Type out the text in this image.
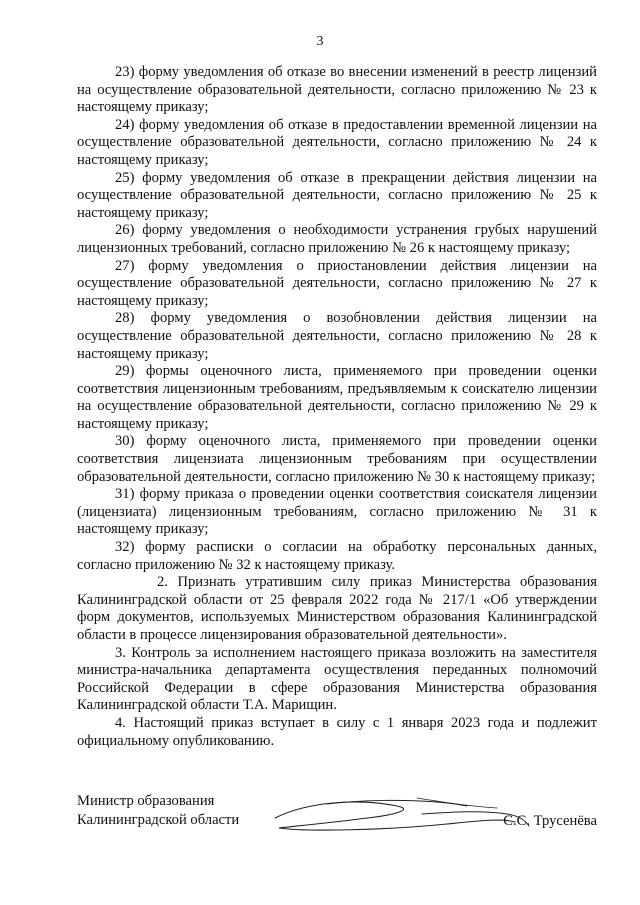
3

23) форму уведомления об отказе во внесении изменений в реестр лицензий на осуществление образовательной деятельности, согласно приложению № 23 к настоящему приказу;

24) форму уведомления об отказе в предоставлении временной лицензии на осуществление образовательной деятельности, согласно приложению № 24 к настоящему приказу;

25) форму уведомления об отказе в прекращении действия лицензии на осуществление образовательной деятельности, согласно приложению № 25 к настоящему приказу;

26) форму уведомления о необходимости устранения грубых нарушений лицензионных требований, согласно приложению № 26 к настоящему приказу;

27) форму уведомления о приостановлении действия лицензии на осуществление образовательной деятельности, согласно приложению № 27 к настоящему приказу;

28) форму уведомления о возобновлении действия лицензии на осуществление образовательной деятельности, согласно приложению № 28 к настоящему приказу;

29) формы оценочного листа, применяемого при проведении оценки соответствия лицензионным требованиям, предъявляемым к соискателю лицензии на осуществление образовательной деятельности, согласно приложению № 29 к настоящему приказу;

30) форму оценочного листа, применяемого при проведении оценки соответствия лицензиата лицензионным требованиям при осуществлении образовательной деятельности, согласно приложению № 30 к настоящему приказу;

31) форму приказа о проведении оценки соответствия соискателя лицензии (лицензиата) лицензионным требованиям, согласно приложению № 31 к настоящему приказу;

32) форму расписки о согласии на обработку персональных данных, согласно приложению № 32 к настоящему приказу.

2. Признать утратившим силу приказ Министерства образования Калининградской области от 25 февраля 2022 года № 217/1 «Об утверждении форм документов, используемых Министерством образования Калининградской области в процессе лицензирования образовательной деятельности».

3. Контроль за исполнением настоящего приказа возложить на заместителя министра-начальника департамента осуществления переданных полномочий Российской Федерации в сфере образования Министерства образования Калининградской области Т.А. Марищин.

4. Настоящий приказ вступает в силу с 1 января 2023 года и подлежит официальному опубликованию.

Министр образования
Калининградской области	С.С. Трусенёва
